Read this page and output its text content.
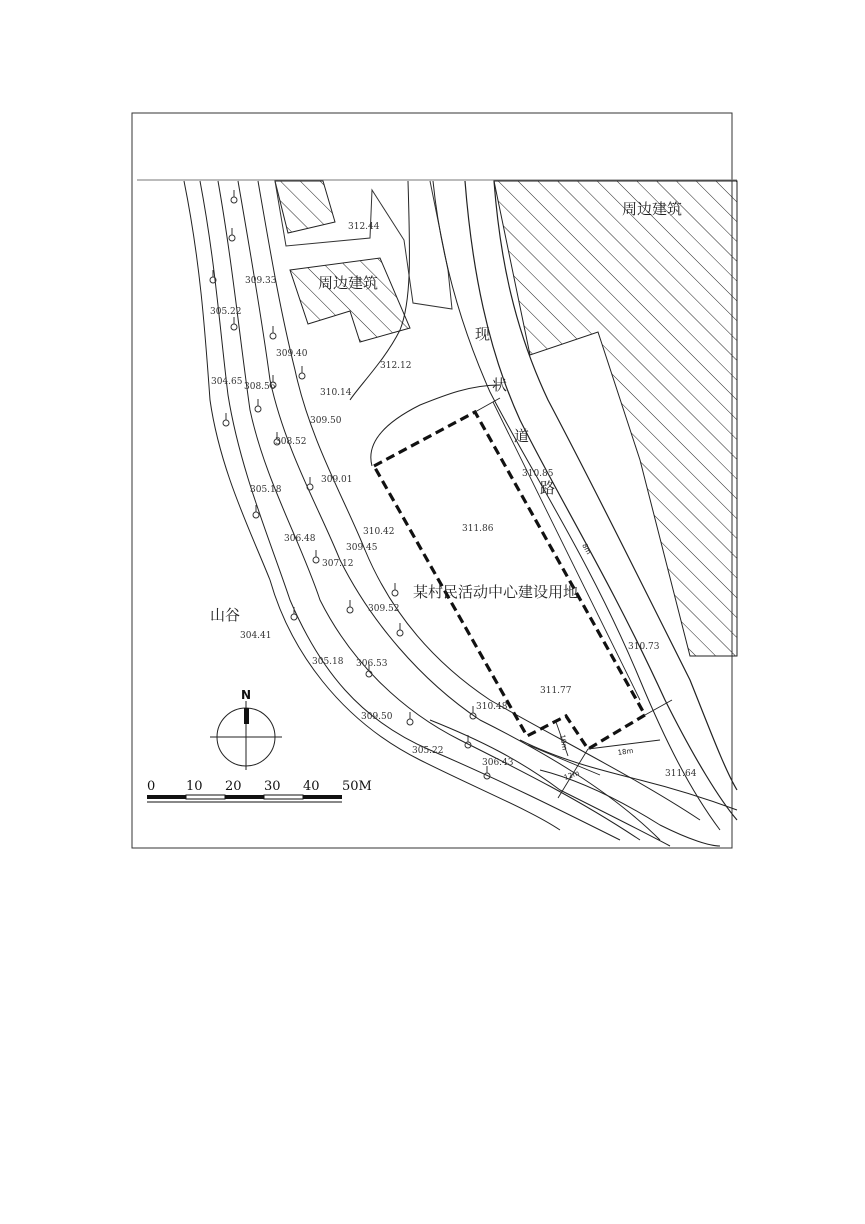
N
0 10 20 30 40 50M
周边建筑
周边建筑
现
状
道
路
某村民活动中心建设用地
山谷
8m
10m
18m
12m
312.44
309.33
305.22
309.40
312.12
304.65 308.56
310.14
309.50
308.52
309.01
305.18
310.85
311.86
310.42
306.48
309.45
307.12
309.52
304.41
310.73
305.18 306.53
311.77
310.48
309.50
305.22
306.43
311.64
